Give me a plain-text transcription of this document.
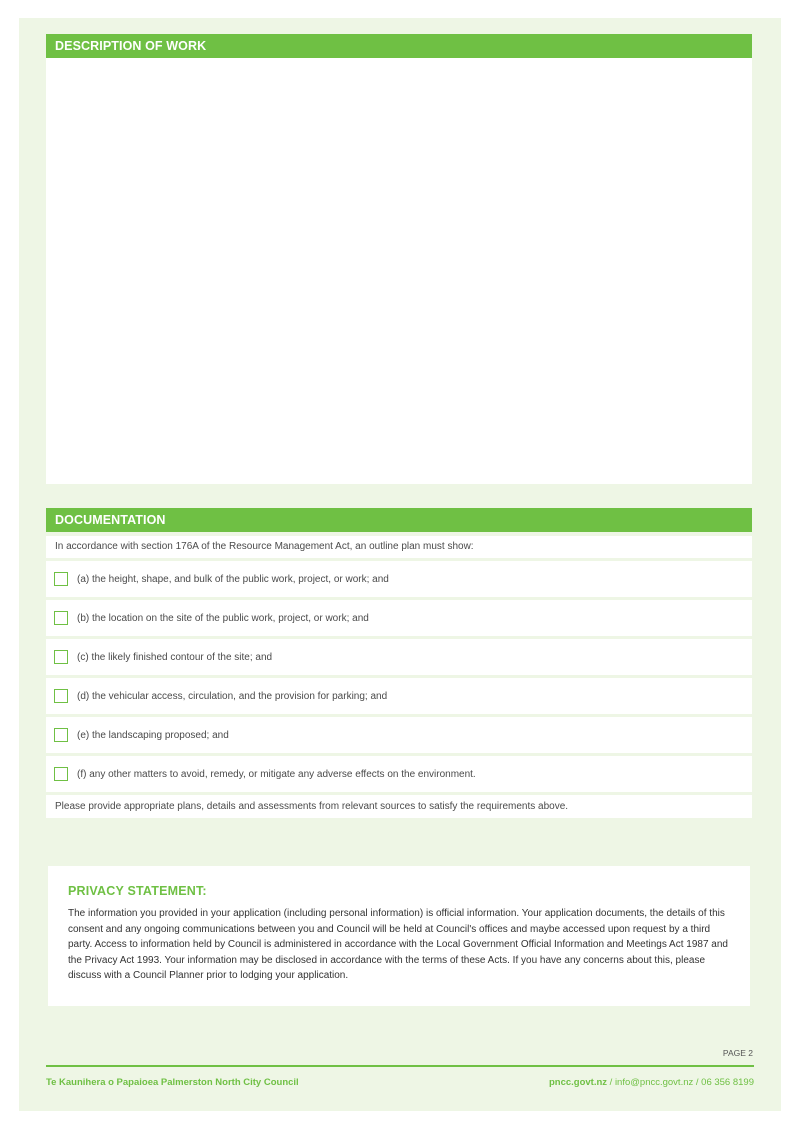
DESCRIPTION OF WORK
DOCUMENTATION
In accordance with section 176A of the Resource Management Act, an outline plan must show:
(a) the height, shape, and bulk of the public work, project, or work; and
(b) the location on the site of the public work, project, or work; and
(c) the likely finished contour of the site; and
(d) the vehicular access, circulation, and the provision for parking; and
(e) the landscaping proposed; and
(f) any other matters to avoid, remedy, or mitigate any adverse effects on the environment.
Please provide appropriate plans, details and assessments from relevant sources to satisfy the requirements above.
PRIVACY STATEMENT:
The information you provided in your application (including personal information) is official information. Your application documents, the details of this consent and any ongoing communications between you and Council will be held at Council's offices and maybe accessed upon request by a third party. Access to information held by Council is administered in accordance with the Local Government Official Information and Meetings Act 1987 and the Privacy Act 1993. Your information may be disclosed in accordance with the terms of these Acts. If you have any concerns about this, please discuss with a Council Planner prior to lodging your application.
PAGE 2
Te Kaunihera o Papaioea Palmerston North City Council	pncc.govt.nz / info@pncc.govt.nz / 06 356 8199
